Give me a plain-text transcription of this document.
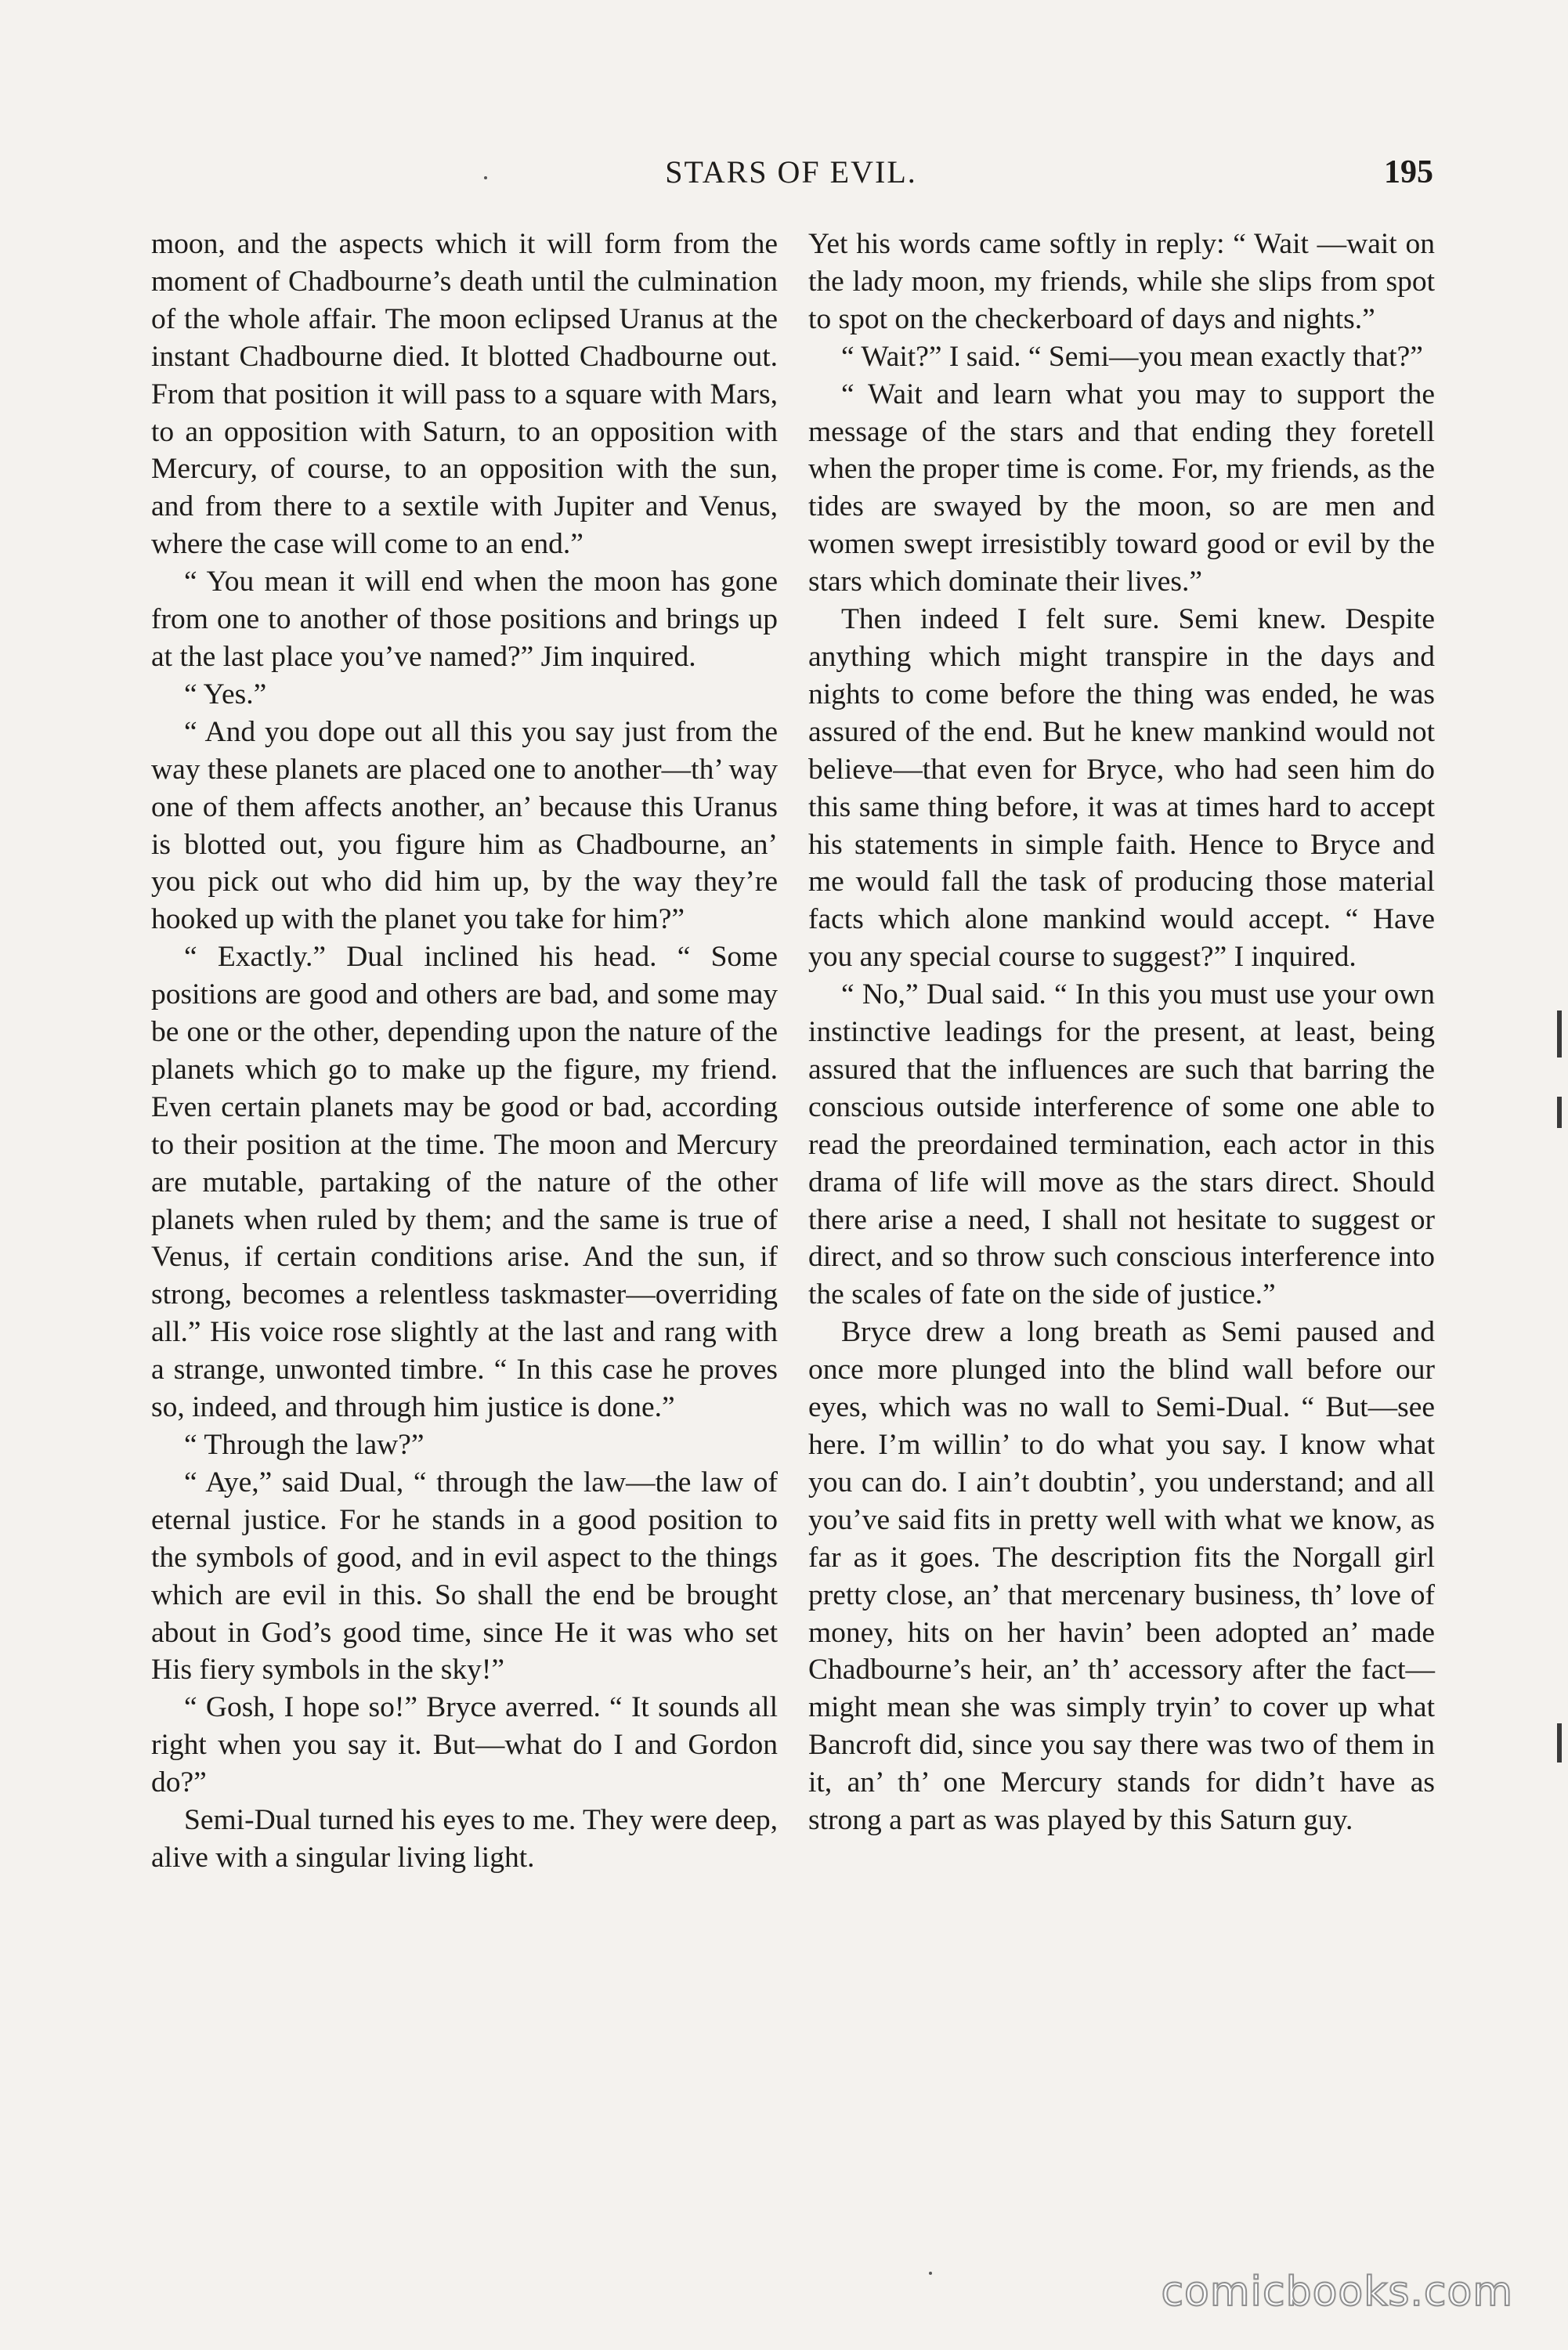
STARS OF EVIL.	195

moon, and the aspects which it will form from the moment of Chadbourne’s death until the culmination of the whole affair. The moon eclipsed Uranus at the instant Chadbourne died. It blotted Chadbourne out. From that position it will pass to a square with Mars, to an opposition with Saturn, to an opposition with Mercury, of course, to an opposition with the sun, and from there to a sextile with Jupiter and Venus, where the case will come to an end.”

“ You mean it will end when the moon has gone from one to another of those positions and brings up at the last place you’ve named?” Jim inquired.

“ Yes.”

“ And you dope out all this you say just from the way these planets are placed one to another—th’ way one of them affects another, an’ because this Uranus is blotted out, you figure him as Chadbourne, an’ you pick out who did him up, by the way they’re hooked up with the planet you take for him?”

“ Exactly.” Dual inclined his head. “ Some positions are good and others are bad, and some may be one or the other, depending upon the nature of the planets which go to make up the figure, my friend. Even certain planets may be good or bad, according to their position at the time. The moon and Mercury are mutable, partaking of the nature of the other planets when ruled by them; and the same is true of Venus, if certain conditions arise. And the sun, if strong, becomes a relentless taskmaster—overriding all.” His voice rose slightly at the last and rang with a strange, unwonted timbre. “ In this case he proves so, indeed, and through him justice is done.”

“ Through the law?”

“ Aye,” said Dual, “ through the law—the law of eternal justice. For he stands in a good position to the symbols of good, and in evil aspect to the things which are evil in this. So shall the end be brought about in God’s good time, since He it was who set His fiery symbols in the sky!”

“ Gosh, I hope so!” Bryce averred. “ It sounds all right when you say it. But—what do I and Gordon do?”

Semi-Dual turned his eyes to me. They were deep, alive with a singular living light.

Yet his words came softly in reply: “ Wait —wait on the lady moon, my friends, while she slips from spot to spot on the checkerboard of days and nights.”

“ Wait?” I said. “ Semi—you mean exactly that?”

“ Wait and learn what you may to support the message of the stars and that ending they foretell when the proper time is come. For, my friends, as the tides are swayed by the moon, so are men and women swept irresistibly toward good or evil by the stars which dominate their lives.”

Then indeed I felt sure. Semi knew. Despite anything which might transpire in the days and nights to come before the thing was ended, he was assured of the end. But he knew mankind would not believe—that even for Bryce, who had seen him do this same thing before, it was at times hard to accept his statements in simple faith. Hence to Bryce and me would fall the task of producing those material facts which alone mankind would accept. “ Have you any special course to suggest?” I inquired.

“ No,” Dual said. “ In this you must use your own instinctive leadings for the present, at least, being assured that the influences are such that barring the conscious outside interference of some one able to read the preordained termination, each actor in this drama of life will move as the stars direct. Should there arise a need, I shall not hesitate to suggest or direct, and so throw such conscious interference into the scales of fate on the side of justice.”

Bryce drew a long breath as Semi paused and once more plunged into the blind wall before our eyes, which was no wall to Semi-Dual. “ But—see here. I’m willin’ to do what you say. I know what you can do. I ain’t doubtin’, you understand; and all you’ve said fits in pretty well with what we know, as far as it goes. The description fits the Norgall girl pretty close, an’ that mercenary business, th’ love of money, hits on her havin’ been adopted an’ made Chadbourne’s heir, an’ th’ accessory after the fact—might mean she was simply tryin’ to cover up what Bancroft did, since you say there was two of them in it, an’ th’ one Mercury stands for didn’t have as strong a part as was played by this Saturn guy.

comicbooks.com
